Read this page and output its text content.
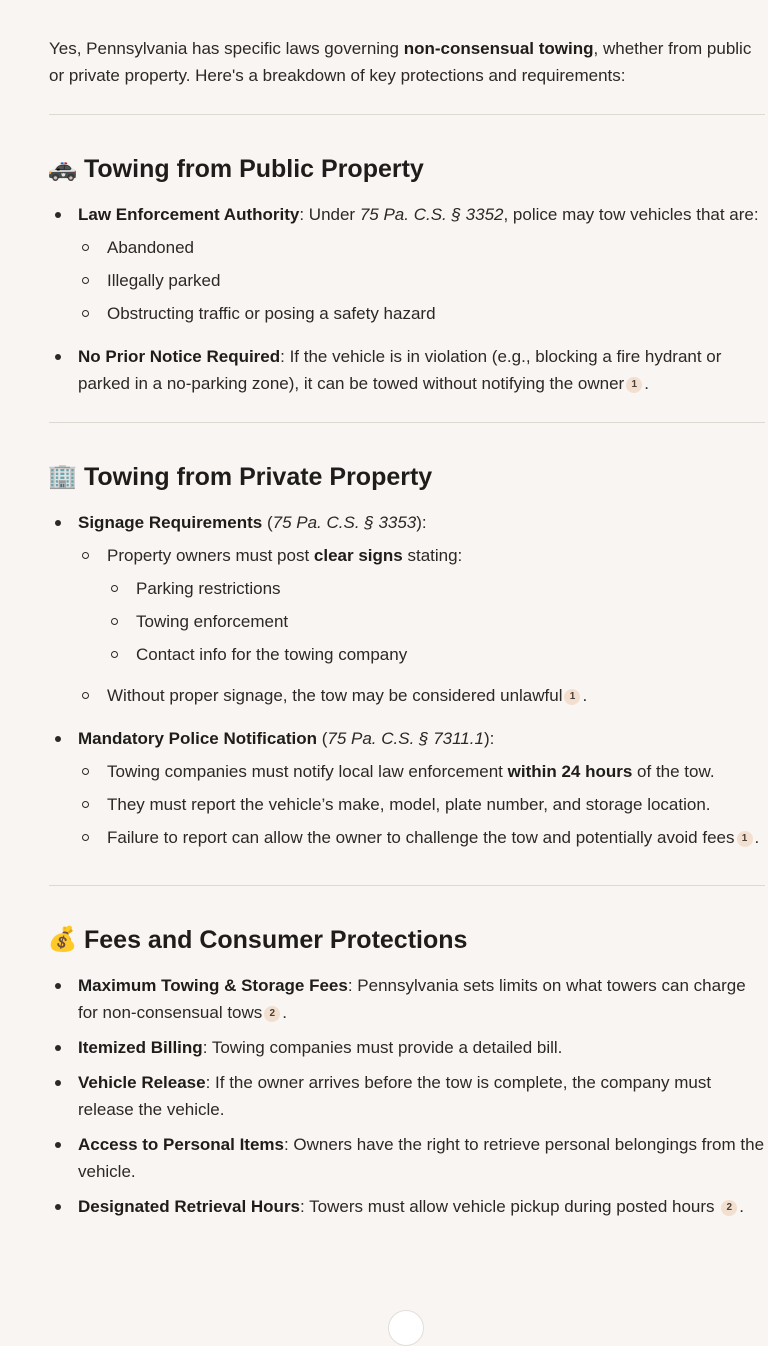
Yes, Pennsylvania has specific laws governing non-consensual towing, whether from public or private property. Here's a breakdown of key protections and requirements:

🚓 Towing from Public Property
Law Enforcement Authority: Under 75 Pa. C.S. § 3352, police may tow vehicles that are:
Abandoned
Illegally parked
Obstructing traffic or posing a safety hazard
No Prior Notice Required: If the vehicle is in violation (e.g., blocking a fire hydrant or parked in a no-parking zone), it can be towed without notifying the owner 1 .
🏢 Towing from Private Property
Signage Requirements (75 Pa. C.S. § 3353):
Property owners must post clear signs stating:
Parking restrictions
Towing enforcement
Contact info for the towing company
Without proper signage, the tow may be considered unlawful 1 .
Mandatory Police Notification (75 Pa. C.S. § 7311.1):
Towing companies must notify local law enforcement within 24 hours of the tow.
They must report the vehicle’s make, model, plate number, and storage location.
Failure to report can allow the owner to challenge the tow and potentially avoid fees 1 .
💰 Fees and Consumer Protections
Maximum Towing & Storage Fees: Pennsylvania sets limits on what towers can charge for non-consensual tows 2 .
Itemized Billing: Towing companies must provide a detailed bill.
Vehicle Release: If the owner arrives before the tow is complete, the company must release the vehicle.
Access to Personal Items: Owners have the right to retrieve personal belongings from the vehicle.
Designated Retrieval Hours: Towers must allow vehicle pickup during posted hours 2 .
